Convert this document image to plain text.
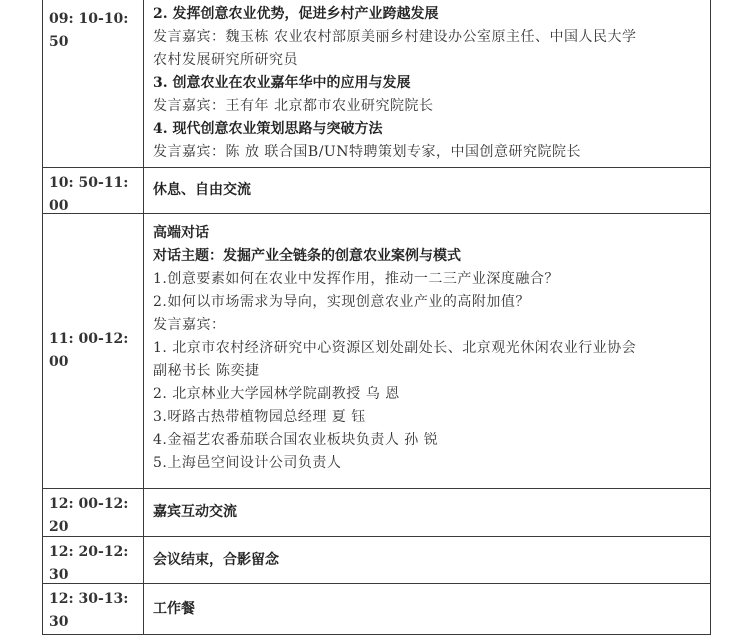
09: 10-10: 50
2. 发挥创意农业优势，促进乡村产业跨越发展
发言嘉宾：魏玉栋 农业农村部原美丽乡村建设办公室原主任、中国人民大学
农村发展研究所研究员
3. 创意农业在农业嘉年华中的应用与发展
发言嘉宾：王有年 北京都市农业研究院院长
4. 现代创意农业策划思路与突破方法
发言嘉宾：陈 放 联合国B/UN特聘策划专家，中国创意研究院院长
10: 50-11: 00
休息、自由交流
11: 00-12: 00
高端对话
对话主题：发掘产业全链条的创意农业案例与模式
1.创意要素如何在农业中发挥作用，推动一二三产业深度融合？
2.如何以市场需求为导向，实现创意农业产业的高附加值？
发言嘉宾：
1. 北京市农村经济研究中心资源区划处副处长、北京观光休闲农业行业协会
副秘书长 陈奕捷
2. 北京林业大学园林学院副教授 乌 恩
3.呀路古热带植物园总经理 夏 钰
4.金福艺农番茄联合国农业板块负责人 孙 锐
5.上海邑空间设计公司负责人
12: 00-12: 20
嘉宾互动交流
12: 20-12: 30
会议结束，合影留念
12: 30-13: 30
工作餐
